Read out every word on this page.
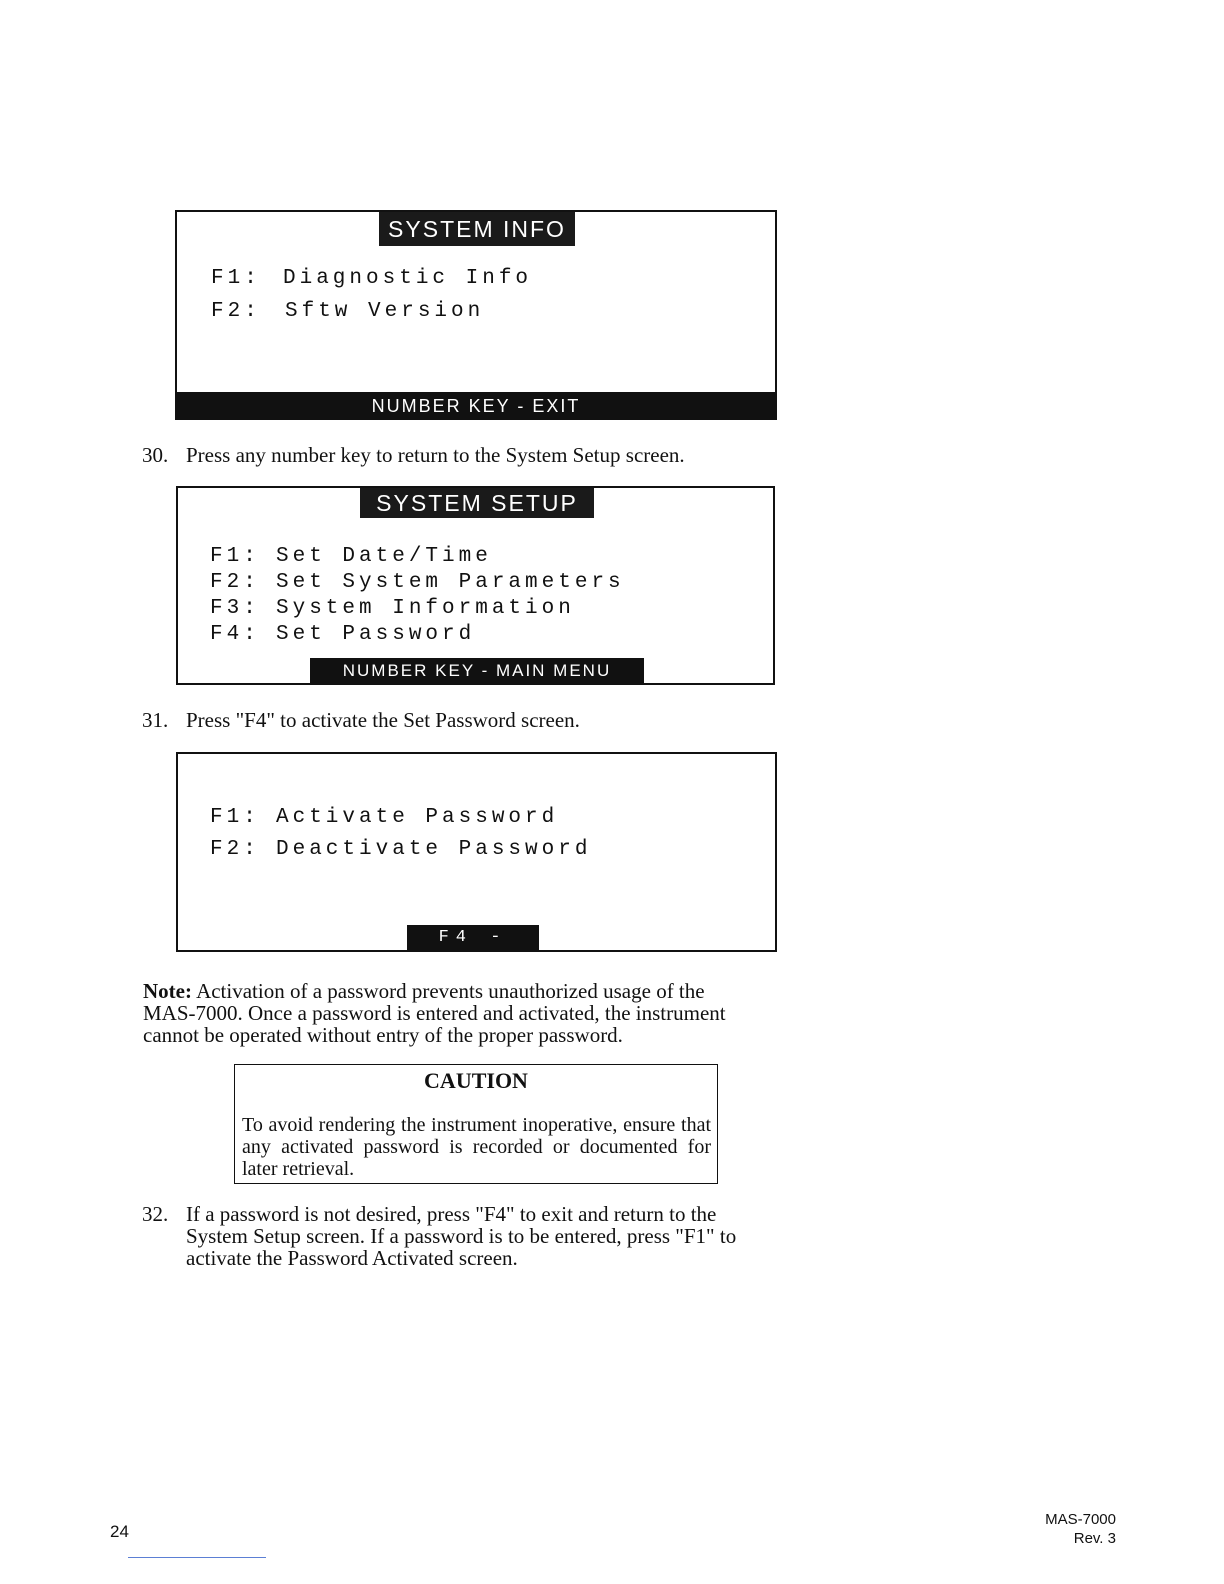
SYSTEM INFO
F1: Diagnostic Info
F2: Sftw Version
NUMBER KEY - EXIT
30. Press any number key to return to the System Setup screen.
SYSTEM SETUP
F1: Set Date/Time
F2: Set System Parameters
F3: System Information
F4: Set Password
NUMBER KEY - MAIN MENU
31. Press "F4" to activate the Set Password screen.
F1: Activate Password
F2: Deactivate Password
F4 - EXIT
Note: Activation of a password prevents unauthorized usage of the
MAS-7000. Once a password is entered and activated, the instrument
cannot be operated without entry of the proper password.
CAUTION
To avoid rendering the instrument inoperative, ensure that any activated password is recorded or documented for later retrieval.
32. If a password is not desired, press "F4" to exit and return to the
System Setup screen. If a password is to be entered, press "F1" to
activate the Password Activated screen.
24
MAS-7000
Rev. 3
